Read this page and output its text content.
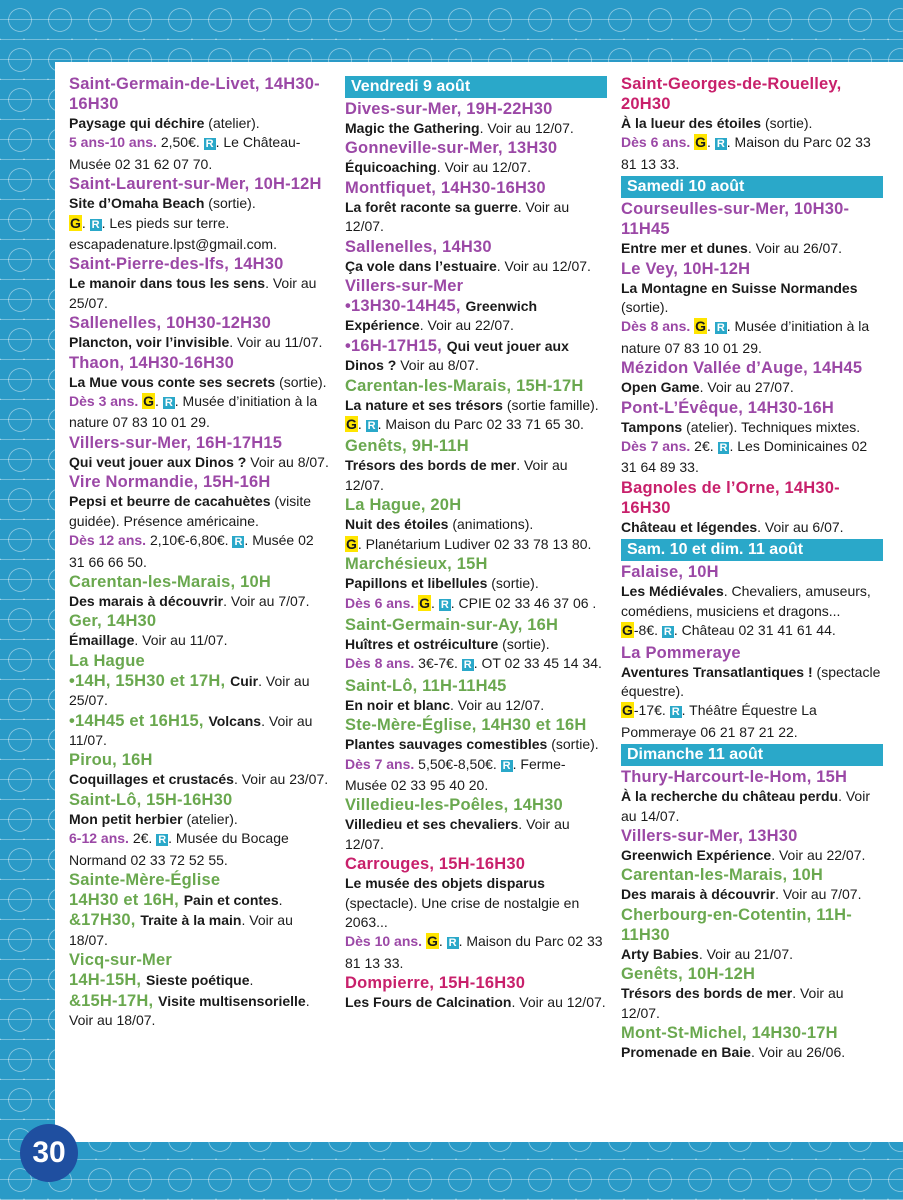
Saint-Germain-de-Livet, 14H30-16H30

Paysage qui déchire (atelier).
5 ans-10 ans. 2,50€. R . Le Château-Musée 02 31 62 07 70.

Saint-Laurent-sur-Mer, 10H-12H

Site d’Omaha Beach (sortie).
G. R . Les pieds sur terre. escapadenature.lpst@gmail.com.

Saint-Pierre-des-Ifs, 14H30

Le manoir dans tous les sens. Voir au 25/07.

Sallenelles, 10H30-12H30

Plancton, voir l’invisible. Voir au 11/07.

Thaon, 14H30-16H30

La Mue vous conte ses secrets (sortie).
Dès 3 ans. G. R . Musée d’initiation à la nature 07 83 10 01 29.

Villers-sur-Mer, 16H-17H15

Qui veut jouer aux Dinos ? Voir au 8/07.

Vire Normandie, 15H-16H

Pepsi et beurre de cacahuètes (visite guidée). Présence américaine.
Dès 12 ans. 2,10€-6,80€. R . Musée 02 31 66 66 50.

Carentan-les-Marais, 10H

Des marais à découvrir. Voir au 7/07.

Ger, 14H30

Émaillage. Voir au 11/07.

La Hague

•14H, 15H30 et 17H, Cuir. Voir au 25/07.

•14H45 et 16H15, Volcans. Voir au 11/07.

Pirou, 16H

Coquillages et crustacés. Voir au 23/07.

Saint-Lô, 15H-16H30

Mon petit herbier (atelier).
6-12 ans. 2€. R . Musée du Bocage Normand 02 33 72 52 55.

Sainte-Mère-Église

14H30 et 16H, Pain et contes.

&17H30, Traite à la main. Voir au 18/07.

Vicq-sur-Mer

14H-15H, Sieste poétique.

&15H-17H, Visite multisensorielle. Voir au 18/07.

Vendredi 9 août
Dives-sur-Mer, 19H-22H30

Magic the Gathering. Voir au 12/07.

Gonneville-sur-Mer, 13H30

Équicoaching. Voir au 12/07.

Montfiquet, 14H30-16H30

La forêt raconte sa guerre. Voir au 12/07.

Sallenelles, 14H30

Ça vole dans l’estuaire. Voir au 12/07.

Villers-sur-Mer

•13H30-14H45, Greenwich Expérience. Voir au 22/07.

•16H-17H15, Qui veut jouer aux Dinos ? Voir au 8/07.

Carentan-les-Marais, 15H-17H

La nature et ses trésors (sortie famille).
G. R . Maison du Parc 02 33 71 65 30.

Genêts, 9H-11H

Trésors des bords de mer. Voir au 12/07.

La Hague, 20H

Nuit des étoiles (animations).
G. Planétarium Ludiver 02 33 78 13 80.

Marchésieux, 15H

Papillons et libellules (sortie).
Dès 6 ans. G. R . CPIE 02 33 46 37 06 .

Saint-Germain-sur-Ay, 16H

Huîtres et ostréiculture (sortie).
Dès 8 ans. 3€-7€. R . OT 02 33 45 14 34.

Saint-Lô, 11H-11H45

En noir et blanc. Voir au 12/07.

Ste-Mère-Église, 14H30 et 16H

Plantes sauvages comestibles (sortie).
Dès 7 ans. 5,50€-8,50€. R . Ferme-Musée 02 33 95 40 20.

Villedieu-les-Poêles, 14H30

Villedieu et ses chevaliers. Voir au 12/07.

Carrouges, 15H-16H30

Le musée des objets disparus (spectacle). Une crise de nostalgie en 2063...
Dès 10 ans. G. R . Maison du Parc 02 33 81 13 33.

Dompierre, 15H-16H30

Les Fours de Calcination. Voir au 12/07.

Saint-Georges-de-Rouelley, 20H30

À la lueur des étoiles (sortie).
Dès 6 ans. G. R . Maison du Parc 02 33 81 13 33.

Samedi 10 août
Courseulles-sur-Mer, 10H30-11H45

Entre mer et dunes. Voir au 26/07.

Le Vey, 10H-12H

La Montagne en Suisse Normandes (sortie).
Dès 8 ans. G. R . Musée d’initiation à la nature 07 83 10 01 29.

Mézidon Vallée d’Auge, 14H45

Open Game. Voir au 27/07.

Pont-L’Évêque, 14H30-16H

Tampons (atelier). Techniques mixtes.
Dès 7 ans. 2€. R . Les Dominicaines 02 31 64 89 33.

Bagnoles de l’Orne, 14H30-16H30

Château et légendes. Voir au 6/07.

Sam. 10 et dim. 11 août
Falaise, 10H

Les Médiévales. Chevaliers, amuseurs, comédiens, musiciens et dragons...
G-8€. R . Château 02 31 41 61 44.

La Pommeraye

Aventures Transatlantiques ! (spectacle équestre).
G-17€. R . Théâtre Équestre La Pommeraye 06 21 87 21 22.

Dimanche 11 août
Thury-Harcourt-le-Hom, 15H

À la recherche du château perdu. Voir au 14/07.

Villers-sur-Mer, 13H30

Greenwich Expérience. Voir au 22/07.

Carentan-les-Marais, 10H

Des marais à découvrir. Voir au 7/07.

Cherbourg-en-Cotentin, 11H-11H30

Arty Babies. Voir au 21/07.

Genêts, 10H-12H

Trésors des bords de mer. Voir au 12/07.

Mont-St-Michel, 14H30-17H

Promenade en Baie. Voir au 26/06.

30
